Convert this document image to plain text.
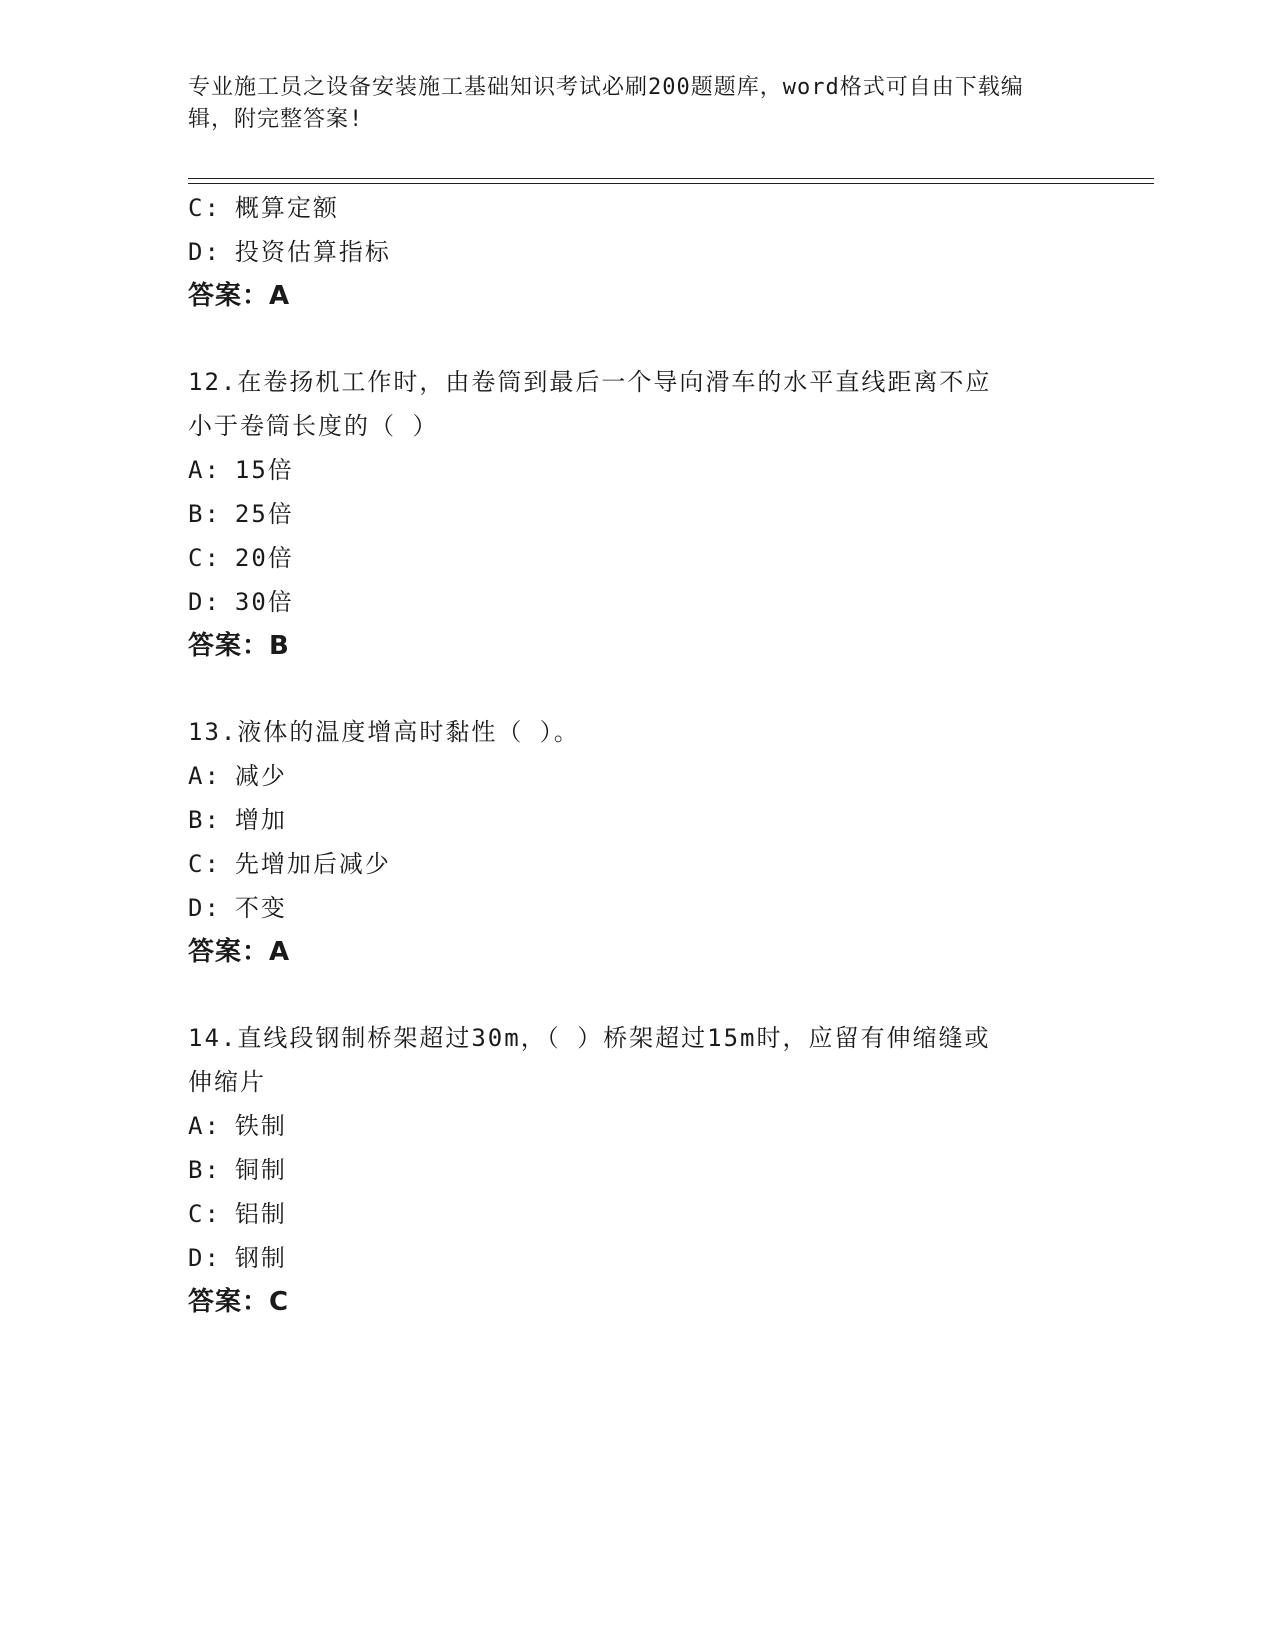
专业施工员之设备安装施工基础知识考试必刷200题题库，word格式可自由下载编辑，附完整答案!
C: 概算定额
D: 投资估算指标
答案：A
12.在卷扬机工作时，由卷筒到最后一个导向滑车的水平直线距离不应
小于卷筒长度的（ ）
A: 15倍
B: 25倍
C: 20倍
D: 30倍
答案：B
13.液体的温度增高时黏性（ ）。
A: 减少
B: 增加
C: 先增加后减少
D: 不变
答案：A
14.直线段钢制桥架超过30m，（ ）桥架超过15m时，应留有伸缩缝或
伸缩片
A: 铁制
B: 铜制
C: 铝制
D: 钢制
答案：C
